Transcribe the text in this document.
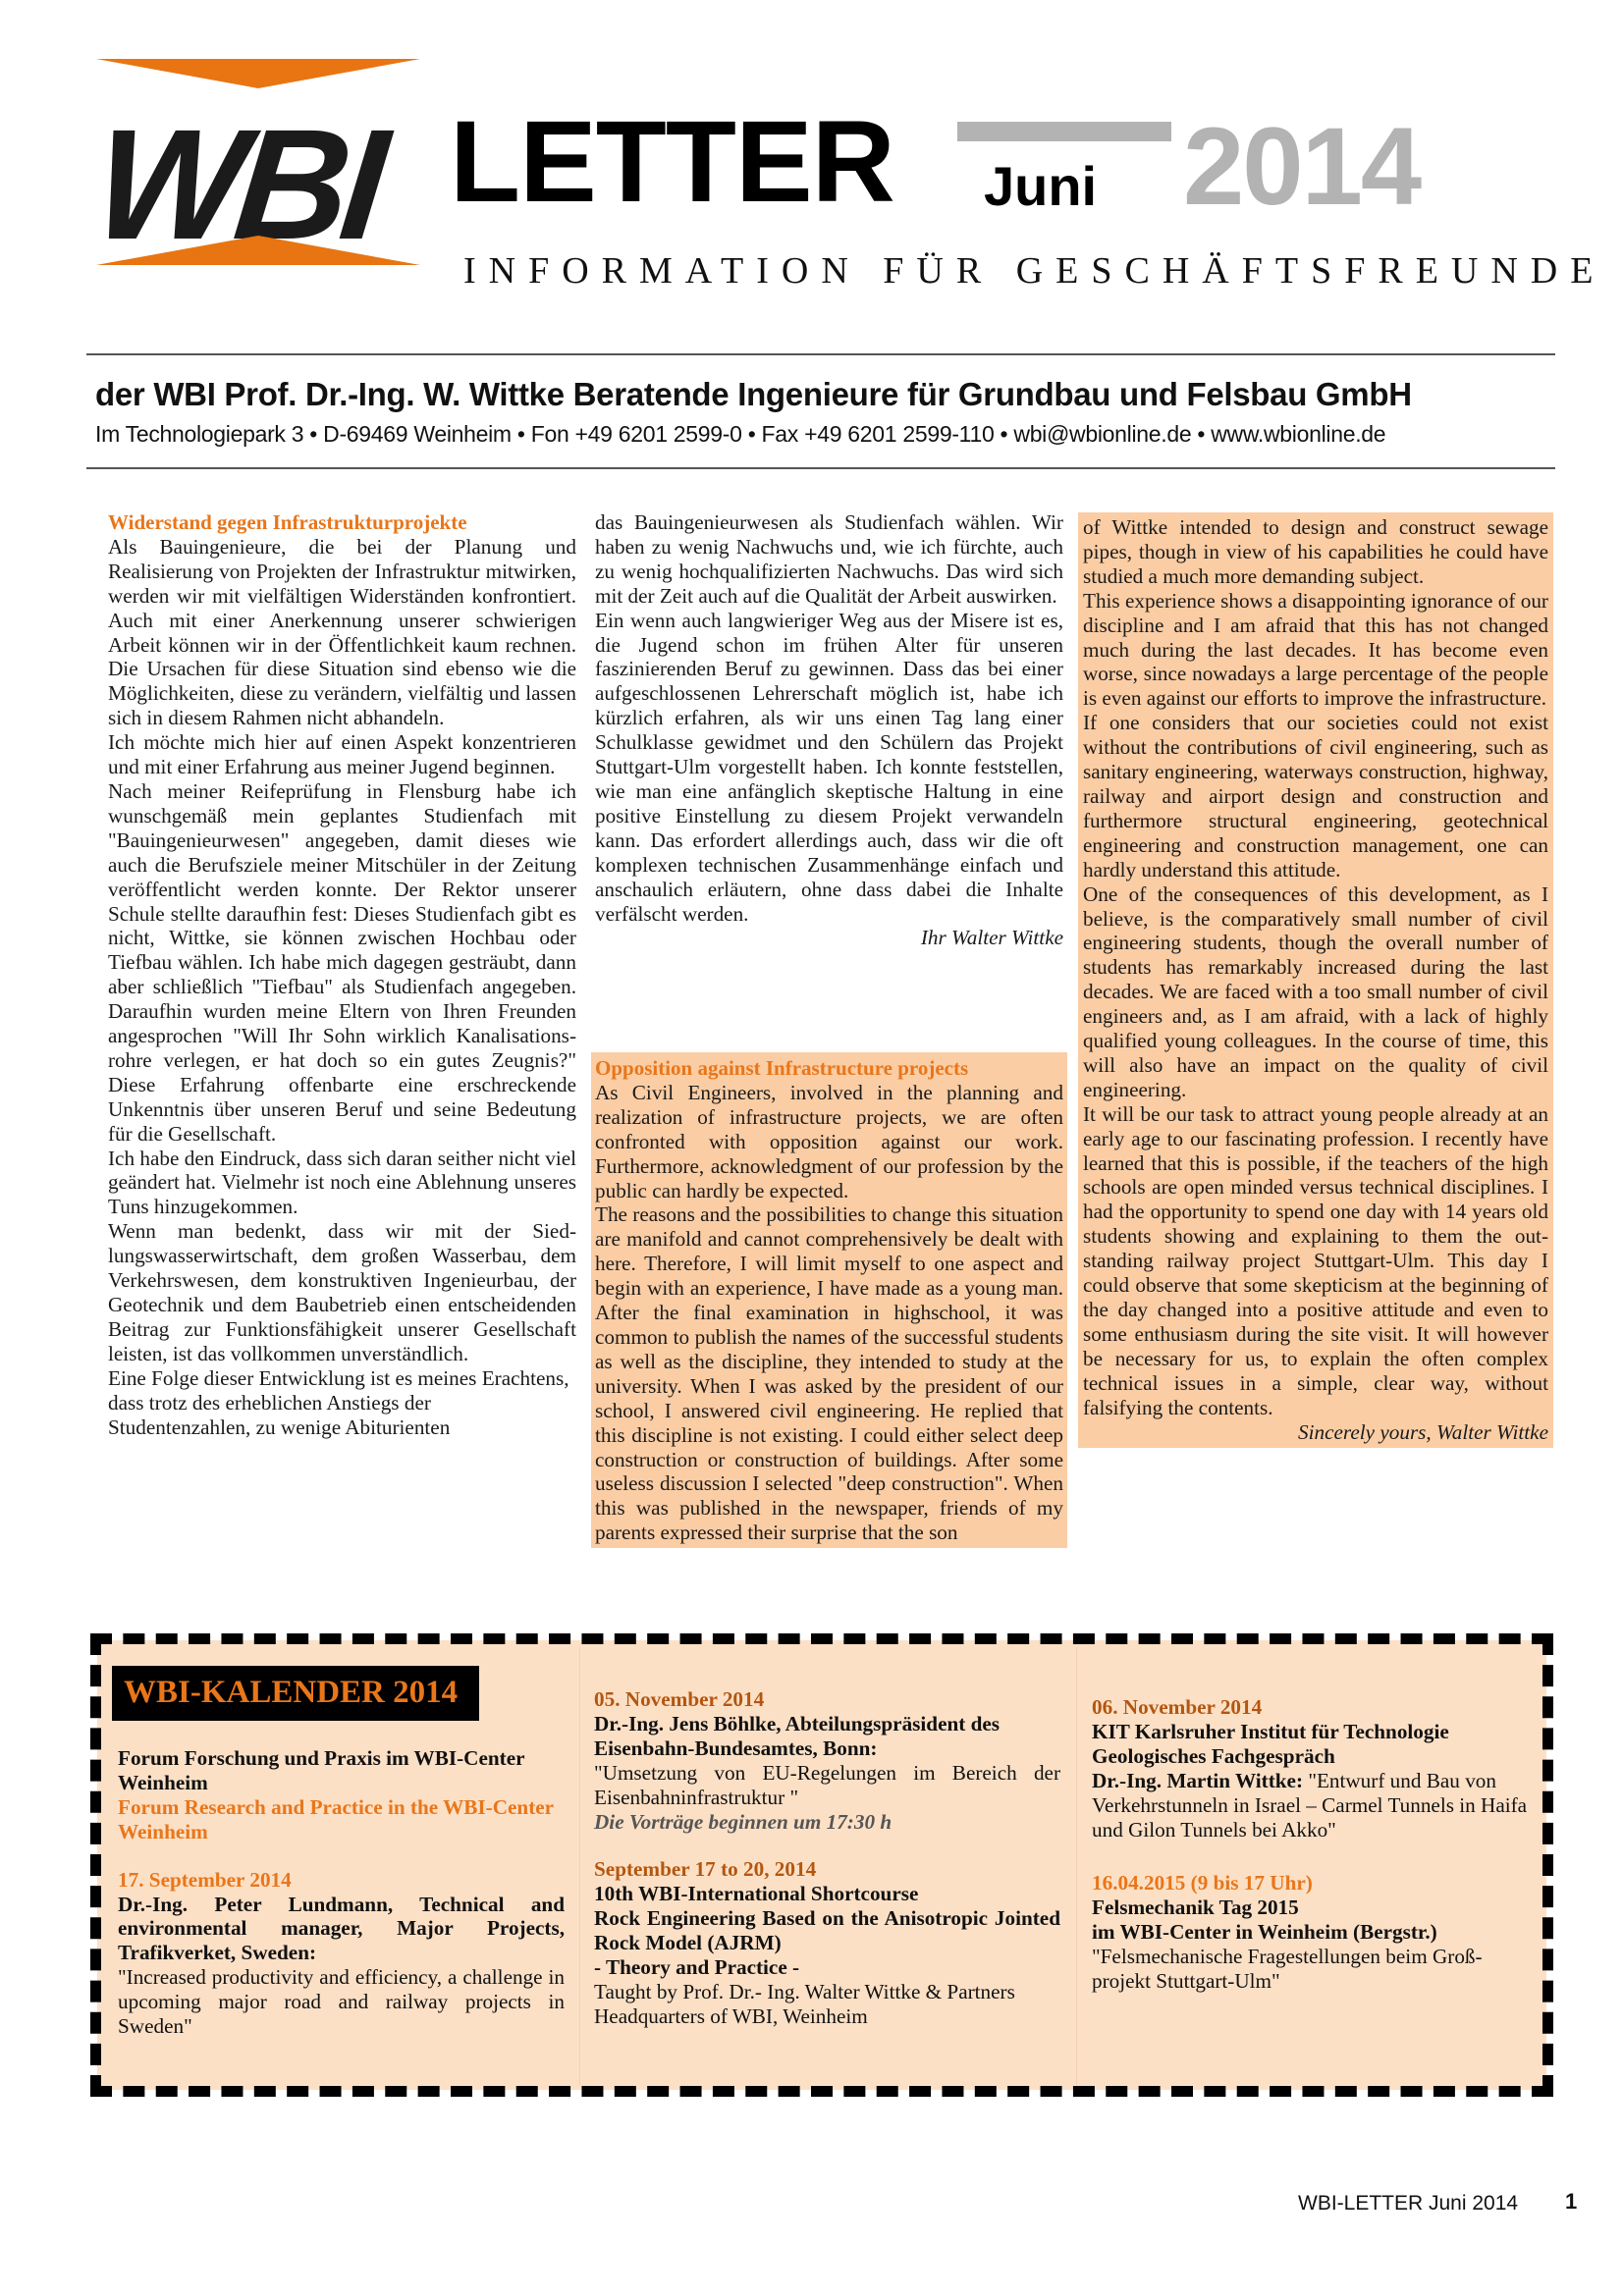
WBI LETTER Juni 2014
INFORMATION FÜR GESCHÄFTSFREUNDE
der WBI Prof. Dr.-Ing. W. Wittke Beratende Ingenieure für Grundbau und Felsbau GmbH
Im Technologiepark 3 • D-69469 Weinheim • Fon +49 6201 2599-0 • Fax +49 6201 2599-110 • wbi@wbionline.de • www.wbionline.de

Widerstand gegen Infrastrukturprojekte

Als Bauingenieure, die bei der Planung und Realisierung von Projekten der Infrastruktur mitwirken, werden wir mit vielfältigen Widerständen konfrontiert. Auch mit einer Anerkennung unserer schwierigen Arbeit können wir in der Öffentlichkeit kaum rechnen. Die Ursachen für diese Situation sind ebenso wie die Möglichkeiten, diese zu verändern, vielfältig und lassen sich in diesem Rahmen nicht abhandeln.

Ich möchte mich hier auf einen Aspekt konzentrieren und mit einer Erfahrung aus meiner Jugend beginnen.

Nach meiner Reifeprüfung in Flensburg habe ich wunschgemäß mein geplantes Studienfach mit "Bauingenieurwesen" angegeben, damit dieses wie auch die Berufsziele meiner Mitschüler in der Zeitung veröffentlicht werden konnte. Der Rektor unserer Schule stellte daraufhin fest: Dieses Studienfach gibt es nicht, Wittke, sie können zwischen Hochbau oder Tiefbau wählen. Ich habe mich dagegen gesträubt, dann aber schließlich "Tiefbau" als Studienfach angegeben. Daraufhin wurden meine Eltern von Ihren Freunden angesprochen "Will Ihr Sohn wirklich Kanalisationsrohre verlegen, er hat doch so ein gutes Zeugnis?" Diese Erfahrung offenbarte eine erschreckende Unkenntnis über unseren Beruf und seine Bedeutung für die Gesellschaft.

Ich habe den Eindruck, dass sich daran seither nicht viel geändert hat. Vielmehr ist noch eine Ablehnung unseres Tuns hinzugekommen.

Wenn man bedenkt, dass wir mit der Siedlungswasserwirtschaft, dem großen Wasserbau, dem Verkehrswesen, dem konstruktiven Ingenieurbau, der Geotechnik und dem Baubetrieb einen entscheidenden Beitrag zur Funktionsfähigkeit unserer Gesellschaft leisten, ist das vollkommen unverständlich.

Eine Folge dieser Entwicklung ist es meines Erachtens, dass trotz des erheblichen Anstiegs der Studentenzahlen, zu wenige Abiturienten

das Bauingenieurwesen als Studienfach wählen. Wir haben zu wenig Nachwuchs und, wie ich fürchte, auch zu wenig hochqualifizierten Nachwuchs. Das wird sich mit der Zeit auch auf die Qualität der Arbeit auswirken.

Ein wenn auch langwieriger Weg aus der Misere ist es, die Jugend schon im frühen Alter für unseren faszinierenden Beruf zu gewinnen. Dass das bei einer aufgeschlossenen Lehrerschaft möglich ist, habe ich kürzlich erfahren, als wir uns einen Tag lang einer Schulklasse gewidmet und den Schülern das Projekt Stuttgart-Ulm vorgestellt haben. Ich konnte feststellen, wie man eine anfänglich skeptische Haltung in eine positive Einstellung zu diesem Projekt verwandeln kann. Das erfordert allerdings auch, dass wir die oft komplexen technischen Zusammenhänge einfach und anschaulich erläutern, ohne dass dabei die Inhalte verfälscht werden.

Ihr Walter Wittke

Opposition against Infrastructure projects

As Civil Engineers, involved in the planning and realization of infrastructure projects, we are often confronted with opposition against our work. Furthermore, acknowledgment of our profession by the public can hardly be expected.

The reasons and the possibilities to change this situation are manifold and cannot comprehensively be dealt with here. Therefore, I will limit myself to one aspect and begin with an experience, I have made as a young man. After the final examination in highschool, it was common to publish the names of the successful students as well as the discipline, they intended to study at the university. When I was asked by the president of our school, I answered civil engineering. He replied that this discipline is not existing. I could either select deep construction or construction of buildings. After some useless discussion I selected "deep construction". When this was published in the newspaper, friends of my parents expressed their surprise that the son

of Wittke intended to design and construct sewage pipes, though in view of his capabilities he could have studied a much more demanding subject.

This experience shows a disappointing ignorance of our discipline and I am afraid that this has not changed much during the last decades. It has become even worse, since nowadays a large percentage of the people is even against our efforts to improve the infrastructure.

If one considers that our societies could not exist without the contributions of civil engineering, such as sanitary engineering, waterways construction, highway, railway and airport design and construction and furthermore structural engineering, geotechnical engineering and construction management, one can hardly understand this attitude.

One of the consequences of this development, as I believe, is the comparatively small number of civil engineering students, though the overall number of students has remarkably increased during the last decades. We are faced with a too small number of civil engineers and, as I am afraid, with a lack of highly qualified young colleagues. In the course of time, this will also have an impact on the quality of civil engineering.

It will be our task to attract young people already at an early age to our fascinating profession. I recently have learned that this is possible, if the teachers of the high schools are open minded versus technical disciplines. I had the opportunity to spend one day with 14 years old students showing and explaining to them the outstanding railway project Stuttgart-Ulm. This day I could observe that some skepticism at the beginning of the day changed into a positive attitude and even to some enthusiasm during the site visit. It will however be necessary for us, to explain the often complex technical issues in a simple, clear way, without falsifying the contents.

Sincerely yours, Walter Wittke

WBI-KALENDER 2014
Forum Forschung und Praxis im WBI-Center Weinheim
Forum Research and Practice in the WBI-Center Weinheim
17. September 2014
Dr.-Ing. Peter Lundmann, Technical and environmental manager, Major Projects, Trafikverket, Sweden:
"Increased productivity and efficiency, a challenge in upcoming major road and railway projects in Sweden"
05. November 2014
Dr.-Ing. Jens Böhlke, Abteilungspräsident des Eisenbahn-Bundesamtes, Bonn:
"Umsetzung von EU-Regelungen im Bereich der Eisenbahninfrastruktur "
Die Vorträge beginnen um 17:30 h
September 17 to 20, 2014
10th WBI-International Shortcourse
Rock Engineering Based on the Anisotropic Jointed Rock Model (AJRM)
- Theory and Practice -
Taught by Prof. Dr.- Ing. Walter Wittke & Partners
Headquarters of WBI, Weinheim
06. November 2014
KIT Karlsruher Institut für Technologie
Geologisches Fachgespräch
Dr.-Ing. Martin Wittke: "Entwurf und Bau von Verkehrstunneln in Israel – Carmel Tunnels in Haifa und Gilon Tunnels bei Akko"
16.04.2015 (9 bis 17 Uhr)
Felsmechanik Tag 2015
im WBI-Center in Weinheim (Bergstr.)
"Felsmechanische Fragestellungen beim Großprojekt Stuttgart-Ulm"
WBI-LETTER Juni 2014 1
